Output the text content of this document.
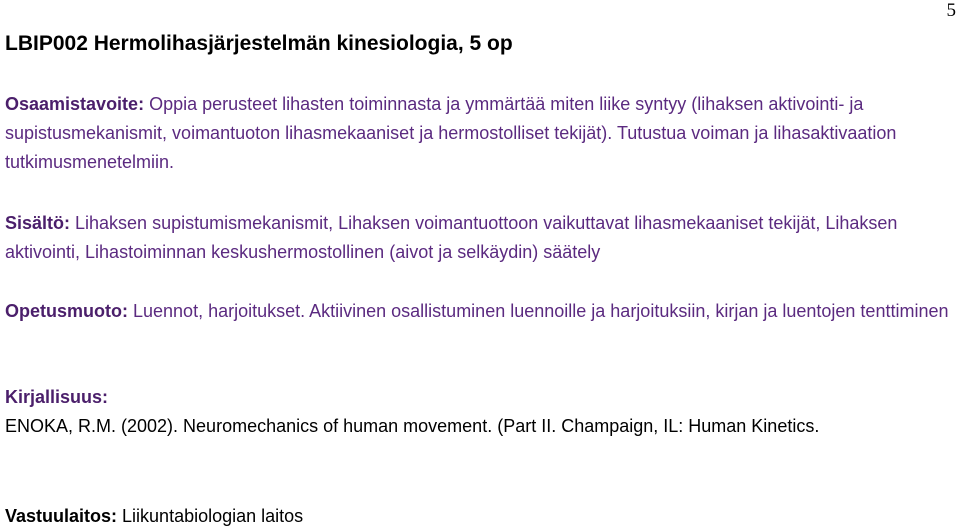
5
LBIP002 Hermolihasjärjestelmän kinesiologia, 5 op

Osaamistavoite: Oppia perusteet lihasten toiminnasta ja ymmärtää miten liike syntyy (lihaksen aktivointi- ja supistusmekanismit, voimantuoton lihasmekaaniset ja hermostolliset tekijät). Tutustua voiman ja lihasaktivaation tutkimusmenetelmiin.

Sisältö: Lihaksen supistumismekanismit, Lihaksen voimantuottoon vaikuttavat lihasmekaaniset tekijät, Lihaksen aktivointi, Lihastoiminnan keskushermostollinen (aivot ja selkäydin) säätely

Opetusmuoto: Luennot, harjoitukset. Aktiivinen osallistuminen luennoille ja harjoituksiin, kirjan ja luentojen tenttiminen

Kirjallisuus:
ENOKA, R.M. (2002). Neuromechanics of human movement. (Part II. Champaign, IL: Human Kinetics.

Vastuulaitos: Liikuntabiologian laitos
